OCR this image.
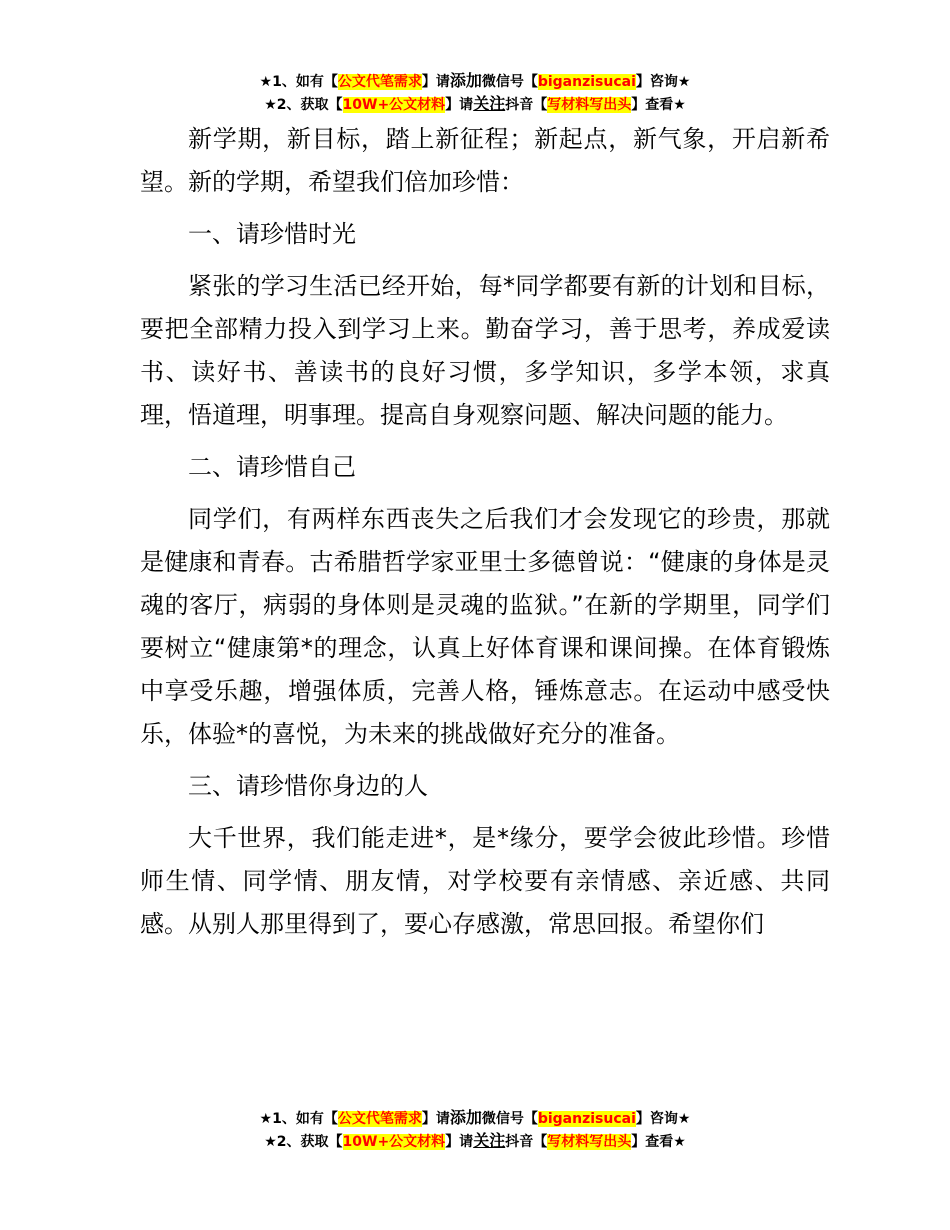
★1、如有【公文代笔需求】请添加微信号【biganzisucai】咨询★
★2、获取【10W+公文材料】请关注抖音【写材料写出头】查看★

新学期，新目标，踏上新征程；新起点，新气象，开启新希望。新的学期，希望我们倍加珍惜：

一、请珍惜时光

紧张的学习生活已经开始，每*同学都要有新的计划和目标，要把全部精力投入到学习上来。勤奋学习，善于思考，养成爱读书、读好书、善读书的良好习惯，多学知识，多学本领，求真理，悟道理，明事理。提高自身观察问题、解决问题的能力。

二、请珍惜自己

同学们，有两样东西丧失之后我们才会发现它的珍贵，那就是健康和青春。古希腊哲学家亚里士多德曾说：“健康的身体是灵魂的客厅，病弱的身体则是灵魂的监狱。”在新的学期里，同学们要树立“健康第*的理念，认真上好体育课和课间操。在体育锻炼中享受乐趣，增强体质，完善人格，锤炼意志。在运动中感受快乐，体验*的喜悦，为未来的挑战做好充分的准备。

三、请珍惜你身边的人

大千世界，我们能走进*，是*缘分，要学会彼此珍惜。珍惜师生情、同学情、朋友情，对学校要有亲情感、亲近感、共同感。从别人那里得到了，要心存感激，常思回报。希望你们

★1、如有【公文代笔需求】请添加微信号【biganzisucai】咨询★
★2、获取【10W+公文材料】请关注抖音【写材料写出头】查看★
